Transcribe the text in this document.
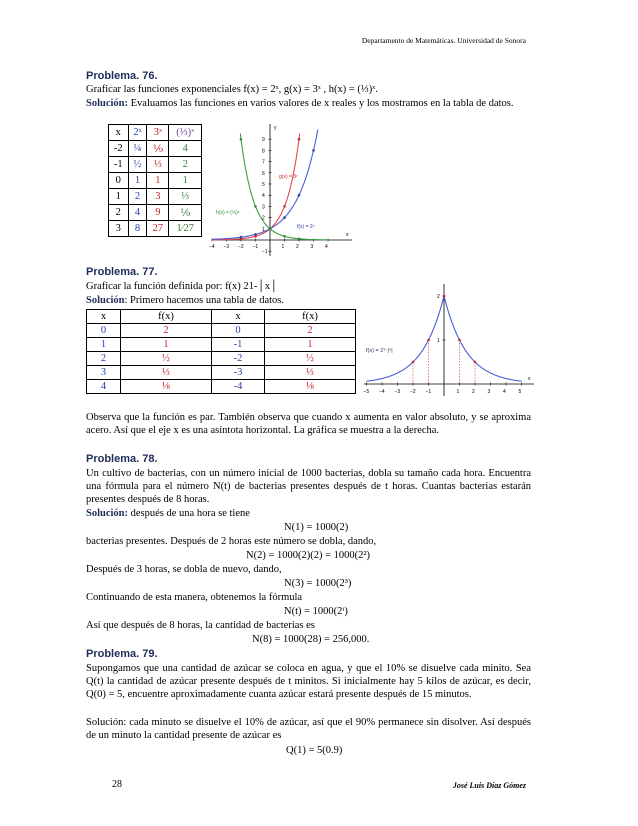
Departamento de Matemáticas. Universidad de Sonora
Problema. 76.
Graficar las funciones exponenciales f(x) = 2ˣ, g(x) = 3ˣ , h(x) = (⅓)ˣ.
Solución: Evaluamos las funciones en varios valores de x reales y los mostramos en la tabla de datos.
x	2ˣ	3ˣ	(⅓)ˣ
-2	¼	⅑	4
-1	½	⅓	2
0	1	1	1
1	2	3	⅓
2	4	9	⅑
3	8	27	1⁄27
−4 −3 −2 −1	1 2 3 4
9
8
7
6
5
4
3
2
1
−1
g(x) = 3ˣ
h(x) = (⅓)ˣ
f(x) = 2ˣ
x
y
Problema. 77.
Graficar la función definida por: f(x) 21-│x│
Solución: Primero hacemos una tabla de datos.
x	f(x)	x	f(x)
0	2	0	2
1	1	-1	1
2	½	-2	½
3	⅓	-3	⅓
4	⅛	-4	⅛	−5 −4 −3 −2 −1	1	2	3	4	5
2
1
f(x) = 2¹⁻|ˣ|
x
Observa que la función es par. También observa que cuando x aumenta en valor absoluto, y se aproxima acero. Así que el eje x es una asíntota horizontal. La gráfica se muestra a la derecha.
Problema. 78.
Un cultivo de bacterias, con un número inicial de 1000 bacterias, dobla su tamaño cada hora. Encuentra una fórmula para el número N(t) de bacterias presentes después de t horas. Cuantas bacterias estarán presentes después de 8 horas.
Solución: después de una hora se tiene
N(1) = 1000(2)
bacterias presentes. Después de 2 horas este número se dobla, dando,
N(2) = 1000(2)(2) = 1000(2²)
Después de 3 horas, se dobla de nuevo, dando,
N(3) = 1000(2³)
Continuando de esta manera, obtenemos la fórmula
N(t) = 1000(2ᵗ)
Así que después de 8 horas, la cantidad de bacterias es
N(8) = 1000(28) = 256,000.
Problema. 79.
Supongamos que una cantidad de azúcar se coloca en agua, y que el 10% se disuelve cada minito. Sea Q(t) la cantidad de azúcar presente después de t minitos. Si inicialmente hay 5 kilos de azúcar, es decir, Q(0) = 5, encuentre aproximadamente cuanta azúcar estará presente después de 15 minutos.
Solución: cada minuto se disuelve el 10% de azúcar, así que el 90% permanece sin disolver. Así después de un minuto la cantidad presente de azúcar es
Q(1) = 5(0.9)
28	José Luis Díaz Gómez
